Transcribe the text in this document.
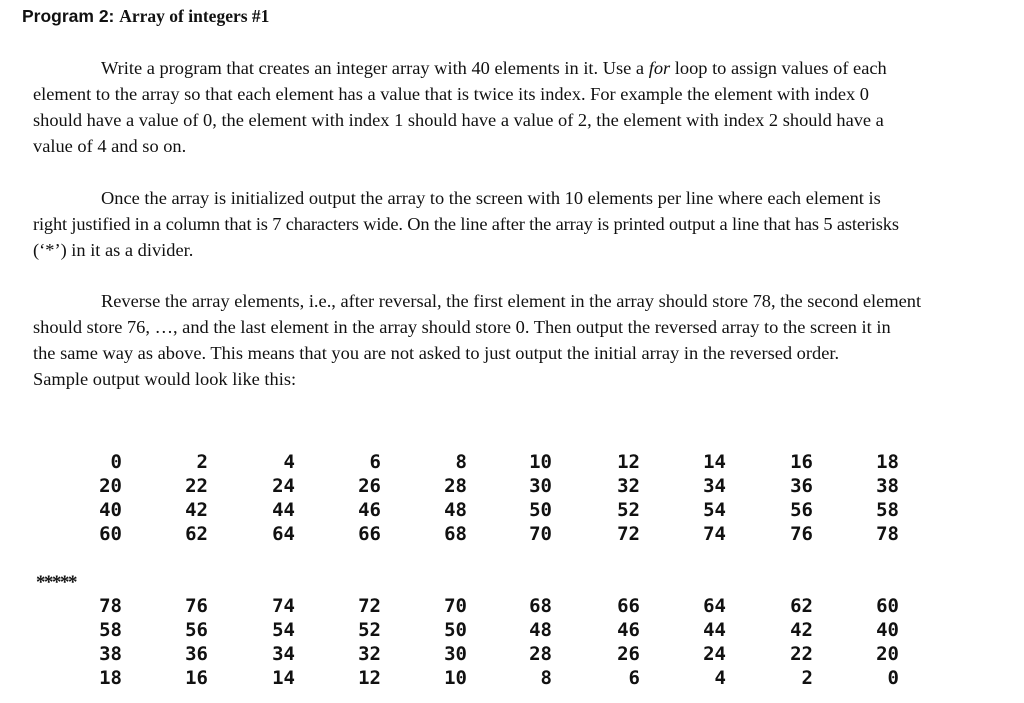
Program 2: Array of integers #1
Write a program that creates an integer array with 40 elements in it. Use a for loop to assign values of each
element to the array so that each element has a value that is twice its index. For example the element with index 0
should have a value of 0, the element with index 1 should have a value of 2, the element with index 2 should have a
value of 4 and so on.
Once the array is initialized output the array to the screen with 10 elements per line where each element is
right justified in a column that is 7 characters wide. On the line after the array is printed output a line that has 5 asterisks
(‘*’) in it as a divider.
Reverse the array elements, i.e., after reversal, the first element in the array should store 78, the second element
should store 76, …, and the last element in the array should store 0. Then output the reversed array to the screen it in
the same way as above. This means that you are not asked to just output the initial array in the reversed order.
Sample output would look like this:
0	2	4	6	8	10	12	14	16	18
20	22	24	26	28	30	32	34	36	38
40	42	44	46	48	50	52	54	56	58
60	62	64	66	68	70	72	74	76	78
78	76	74	72	70	68	66	64	62	60
58	56	54	52	50	48	46	44	42	40
38	36	34	32	30	28	26	24	22	20
18	16	14	12	10	8	6	4	2	0
*****
